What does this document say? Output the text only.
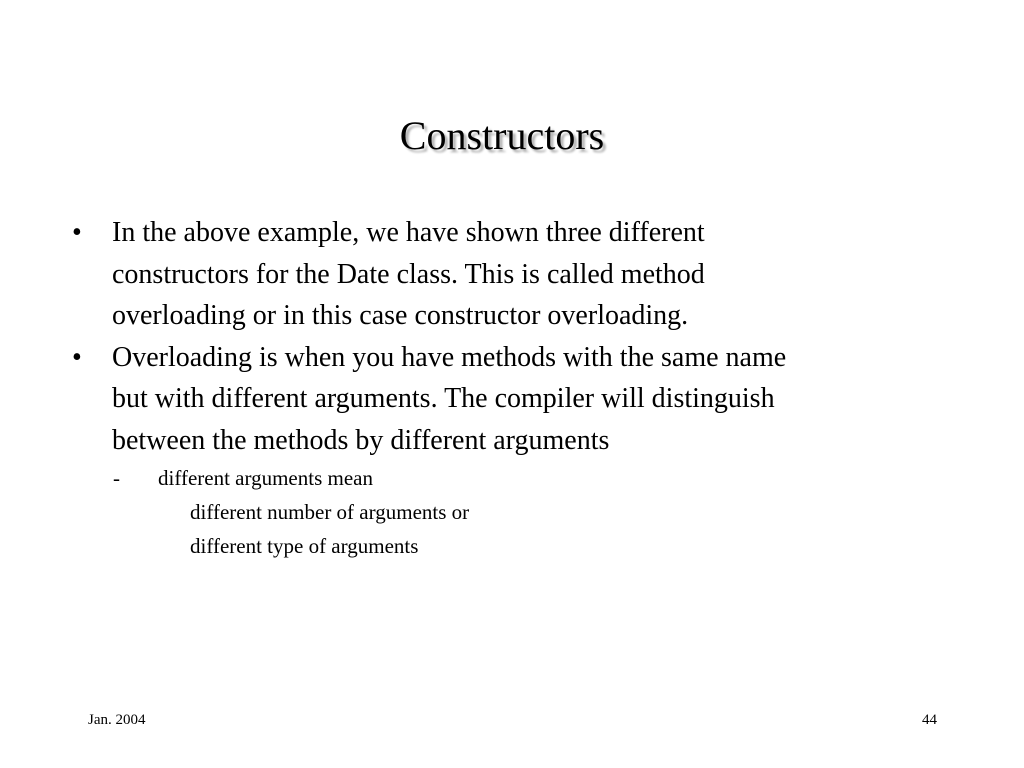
Constructors
• In the above example, we have shown three different
constructors for the Date class. This is called method
overloading or in this case constructor overloading.
• Overloading is when you have methods with the same name
but with different arguments. The compiler will distinguish
between the methods by different arguments
- different arguments mean
different number of arguments or
different type of arguments
Jan. 2004	44
